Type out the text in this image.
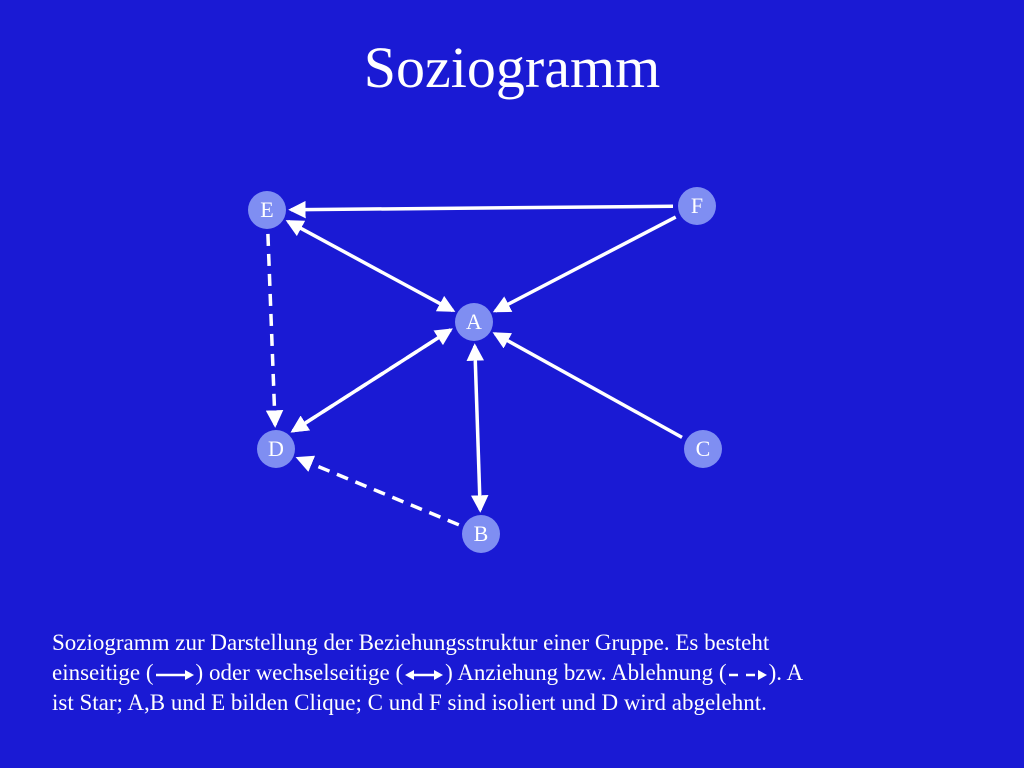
Soziogramm
E	F
A
D	C
B
Soziogramm zur Darstellung der Beziehungsstruktur einer Gruppe. Es besteht
einseitige ( ) oder wechselseitige ( ) Anziehung bzw. Ablehnung ( ). A
ist Star; A,B und E bilden Clique; C und F sind isoliert und D wird abgelehnt.
